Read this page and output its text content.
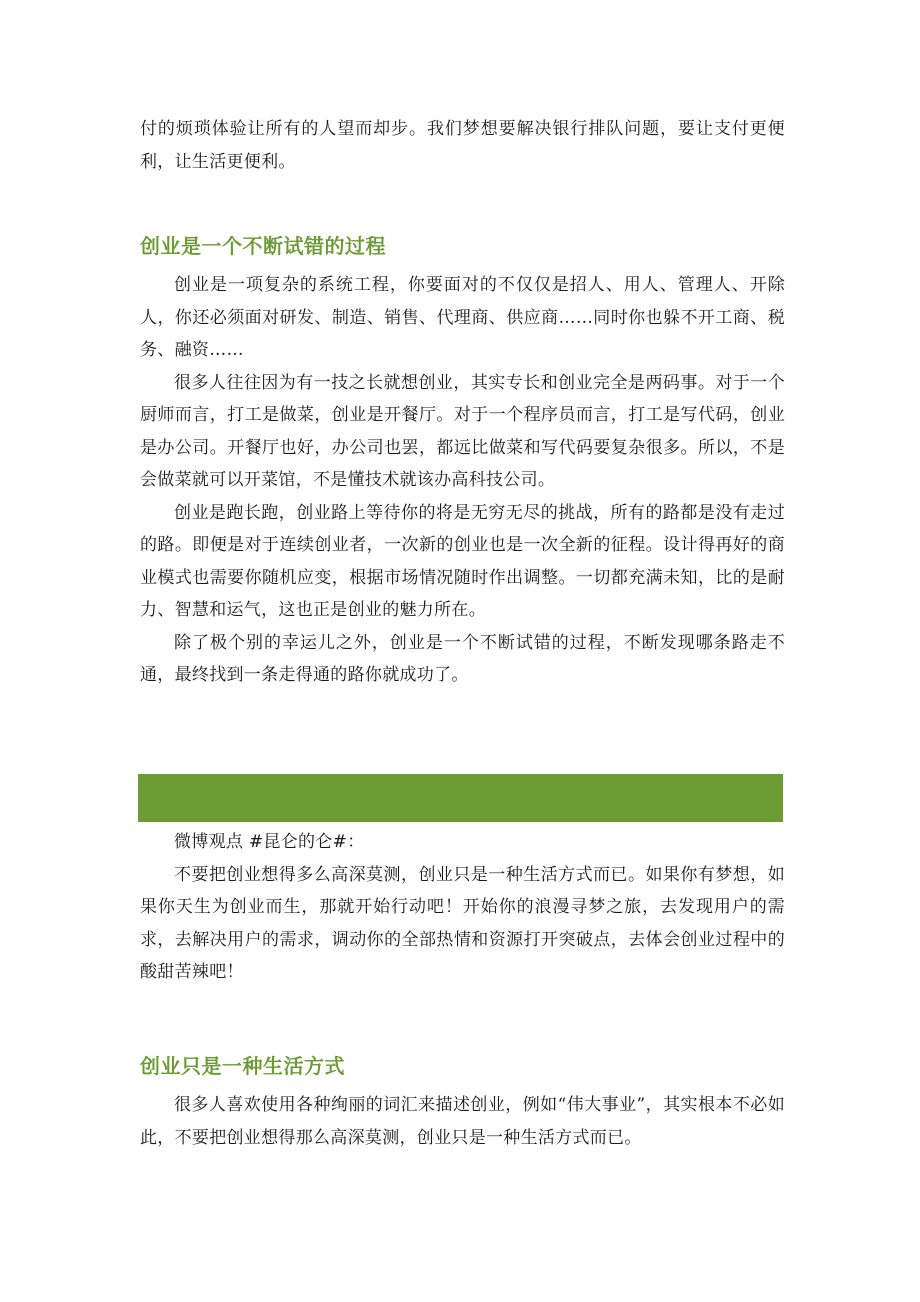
付的烦琐体验让所有的人望而却步。我们梦想要解决银行排队问题，要让支付更便利，让生活更便利。

创业是一个不断试错的过程

创业是一项复杂的系统工程，你要面对的不仅仅是招人、用人、管理人、开除人，你还必须面对研发、制造、销售、代理商、供应商……同时你也躲不开工商、税务、融资……

很多人往往因为有一技之长就想创业，其实专长和创业完全是两码事。对于一个厨师而言，打工是做菜，创业是开餐厅。对于一个程序员而言，打工是写代码，创业是办公司。开餐厅也好，办公司也罢，都远比做菜和写代码要复杂很多。所以，不是会做菜就可以开菜馆，不是懂技术就该办高科技公司。

创业是跑长跑，创业路上等待你的将是无穷无尽的挑战，所有的路都是没有走过的路。即便是对于连续创业者，一次新的创业也是一次全新的征程。设计得再好的商业模式也需要你随机应变，根据市场情况随时作出调整。一切都充满未知，比的是耐力、智慧和运气，这也正是创业的魅力所在。

除了极个别的幸运儿之外，创业是一个不断试错的过程，不断发现哪条路走不通，最终找到一条走得通的路你就成功了。

微博观点 #昆仑的仑#：

不要把创业想得多么高深莫测，创业只是一种生活方式而已。如果你有梦想，如果你天生为创业而生，那就开始行动吧！开始你的浪漫寻梦之旅，去发现用户的需求，去解决用户的需求，调动你的全部热情和资源打开突破点，去体会创业过程中的酸甜苦辣吧！

创业只是一种生活方式

很多人喜欢使用各种绚丽的词汇来描述创业，例如“伟大事业”，其实根本不必如此，不要把创业想得那么高深莫测，创业只是一种生活方式而已。
